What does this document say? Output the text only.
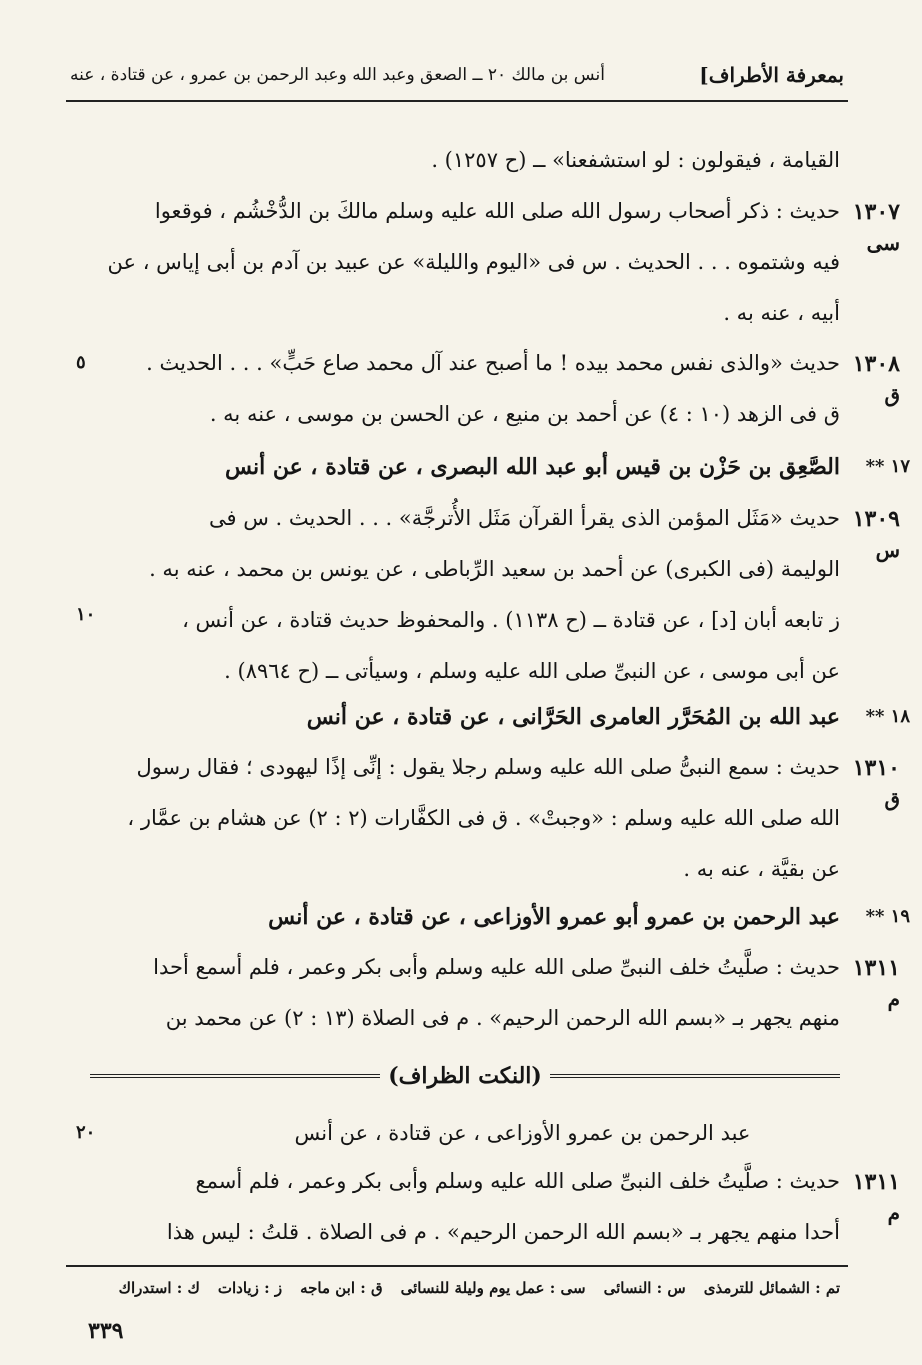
بمعرفة الأطراف]
أنس بن مالك ٢٠ ــ الصعق وعبد الله وعبد الرحمن بن عمرو ، عن قتادة ، عنه
القيامة ، فيقولون : لو استشفعنا» ــ (ح ١٢٥٧) .
١٣٠٧
سى
حديث : ذكر أصحاب رسول الله صلى الله عليه وسلم مالكَ بن الدُّخْشُم ، فوقعوا
فيه وشتموه . . . الحديث . س فى «اليوم والليلة» عن عبيد بن آدم بن أبى إياس ، عن
أبيه ، عنه به .
١٣٠٨
ق
حديث «والذى نفس محمد بيده ! ما أصبح عند آل محمد صاع حَبٍّ» . . . الحديث .
ق فى الزهد (١٠ : ٤) عن أحمد بن منيع ، عن الحسن بن موسى ، عنه به .
٥
١٧ **
الصَّعِق بن حَزْن بن قيس أبو عبد الله البصرى ، عن قتادة ، عن أنس
١٣٠٩
س
حديث «مَثَل المؤمن الذى يقرأ القرآن مَثَل الأُترجَّة» . . . الحديث . س فى
الوليمة (فى الكبرى) عن أحمد بن سعيد الرِّباطى ، عن يونس بن محمد ، عنه به .
ز تابعه أبان [د] ، عن قتادة ــ (ح ١١٣٨) . والمحفوظ حديث قتادة ، عن أنس ،
عن أبى موسى ، عن النبىِّ صلى الله عليه وسلم ، وسيأتى ــ (ح ٨٩٦٤) .
١٠
١٨ **
عبد الله بن المُحَرَّر العامرى الحَرَّانى ، عن قتادة ، عن أنس
١٣١٠
ق
حديث : سمع النبىُّ صلى الله عليه وسلم رجلا يقول : إنِّى إذًا ليهودى ؛ فقال رسول
الله صلى الله عليه وسلم : «وجبتْ» . ق فى الكفَّارات (٢ : ٢) عن هشام بن عمَّار ،
عن بقيَّة ، عنه به .
١٩ **
عبد الرحمن بن عمرو أبو عمرو الأوزاعى ، عن قتادة ، عن أنس
١٣١١
م
حديث : صلَّيتُ خلف النبىِّ صلى الله عليه وسلم وأبى بكر وعمر ، فلم أسمع أحدا
منهم يجهر بـ «بسم الله الرحمن الرحيم» . م فى الصلاة (١٣ : ٢) عن محمد بن
(النكت الظراف)
٢٠	عبد الرحمن بن عمرو الأوزاعى ، عن قتادة ، عن أنس
١٣١١
م
حديث : صلَّيتُ خلف النبىِّ صلى الله عليه وسلم وأبى بكر وعمر ، فلم أسمع
أحدا منهم يجهر بـ «بسم الله الرحمن الرحيم» . م فى الصلاة . قلتُ : ليس هذا
تم : الشمائل للترمذى
س : النسائى
سى : عمل يوم وليلة للنسائى
ق : ابن ماجه
ز : زيادات
ك : استدراك
٣٣٩
